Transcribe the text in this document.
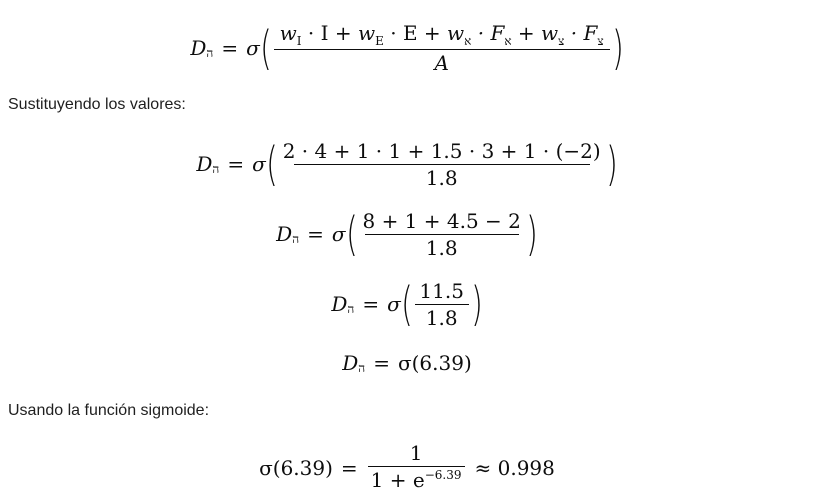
D ה = σ ( $w_I \cdot I + w_E \cdot E + w_א \cdot F_א + w_צ \cdot F_צ$
A	)
Sustituyendo los valores:
D ה = σ ( $\frac{2 \cdot 4 + 1 \cdot 1 + 1.5 \cdot 3 + 1 \cdot (-2)}{1.8}$ )
D ה = σ ( $\frac{8 + 1 + 4.5 - 2}{1.8}$ )
D ה = σ ( $\frac{11.5}{1.8}$ )
D ה = σ(6.39)
Usando la función sigmoide:
$\sigma(6.39) = \frac{1}{1 + e^{-6.39}} \approx 0.998$
